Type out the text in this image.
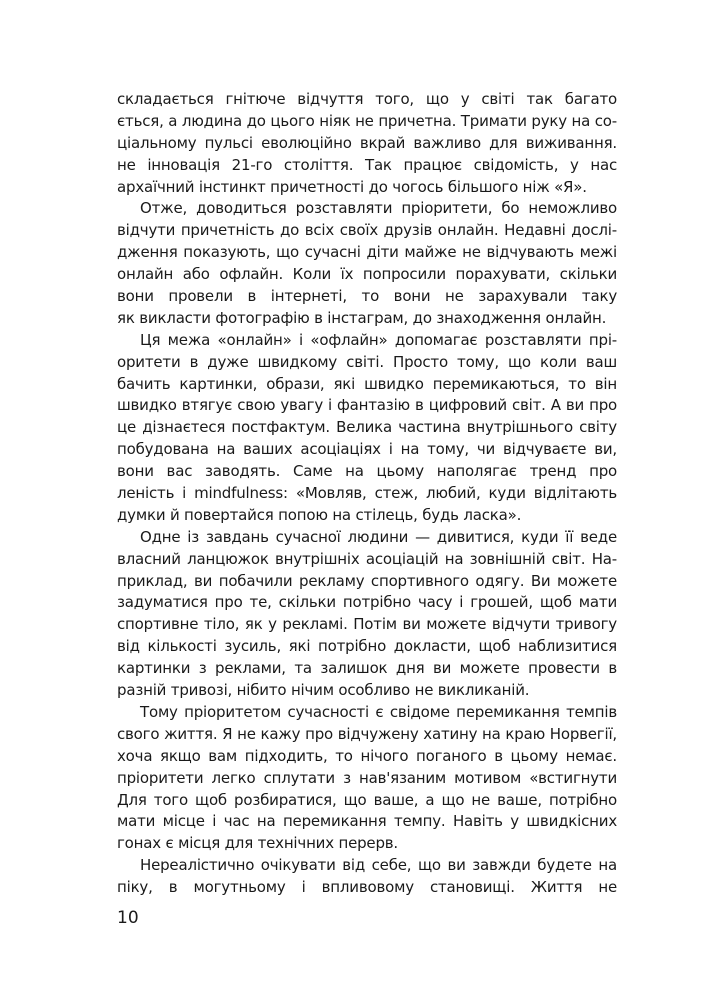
складається гнітюче відчуття того, що у світі так багато
ється, а людина до цього ніяк не причетна. Тримати руку на со-
ціальному пульсі еволюційно вкрай важливо для виживання.
не інновація 21-го століття. Так працює свідомість, у нас
архаїчний інстинкт причетності до чогось більшого ніж «Я».
Отже, доводиться розставляти пріоритети, бо неможливо
відчути причетність до всіх своїх друзів онлайн. Недавні дослі-
дження показують, що сучасні діти майже не відчувають межі
онлайн або офлайн. Коли їх попросили порахувати, скільки
вони провели в інтернеті, то вони не зарахували таку
як викласти фотографію в інстаграм, до знаходження онлайн.
Ця межа «онлайн» і «офлайн» допомагає розставляти прі-
оритети в дуже швидкому світі. Просто тому, що коли ваш
бачить картинки, образи, які швидко перемикаються, то він
швидко втягує свою увагу і фантазію в цифровий світ. А ви про
це дізнаєтеся постфактум. Велика частина внутрішнього світу
побудована на ваших асоціаціях і на тому, чи відчуваєте ви,
вони вас заводять. Саме на цьому наполягає тренд про
леність і mindfulness: «Мовляв, стеж, любий, куди відлітають
думки й повертайся попою на стілець, будь ласка».
Одне із завдань сучасної людини — дивитися, куди її веде
власний ланцюжок внутрішніх асоціацій на зовнішній світ. На-
приклад, ви побачили рекламу спортивного одягу. Ви можете
задуматися про те, скільки потрібно часу і грошей, щоб мати
спортивне тіло, як у рекламі. Потім ви можете відчути тривогу
від кількості зусиль, які потрібно докласти, щоб наблизитися
картинки з реклами, та залишок дня ви можете провести в
разній тривозі, нібито нічим особливо не викликаній.
Тому пріоритетом сучасності є свідоме перемикання темпів
свого життя. Я не кажу про відчужену хатину на краю Норвегії,
хоча якщо вам підходить, то нічого поганого в цьому немає.
пріоритети легко сплутати з нав'язаним мотивом «встигнути
Для того щоб розбиратися, що ваше, а що не ваше, потрібно
мати місце і час на перемикання темпу. Навіть у швидкісних
гонах є місця для технічних перерв.
Нереалістично очікувати від себе, що ви завжди будете на
піку, в могутньому і впливовому становищі. Життя не
10
